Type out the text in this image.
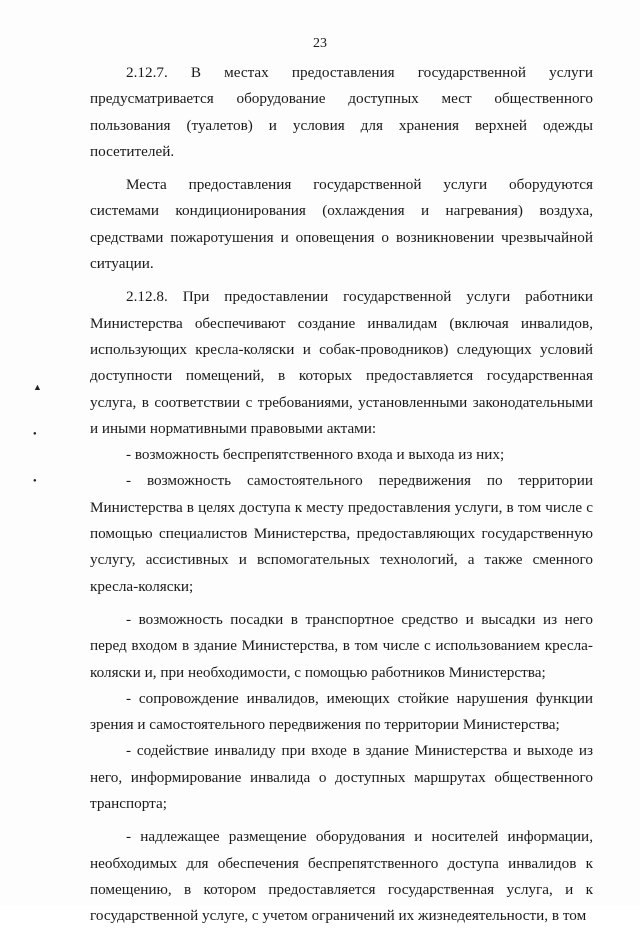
23
▲
●
●

2.12.7. В местах предоставления государственной услуги предусматривается оборудование доступных мест общественного пользования (туалетов) и условия для хранения верхней одежды посетителей.

Места предоставления государственной услуги оборудуются системами кондиционирования (охлаждения и нагревания) воздуха, средствами пожаротушения и оповещения о возникновении чрезвычайной ситуации.

2.12.8. При предоставлении государственной услуги работники Министерства обеспечивают создание инвалидам (включая инвалидов, использующих кресла-коляски и собак-проводников) следующих условий доступности помещений, в которых предоставляется государственная услуга, в соответствии с требованиями, установленными законодательными и иными нормативными правовыми актами:

- возможность беспрепятственного входа и выхода из них;

- возможность самостоятельного передвижения по территории Министерства в целях доступа к месту предоставления услуги, в том числе с помощью специалистов Министерства, предоставляющих государственную услугу, ассистивных и вспомогательных технологий, а также сменного кресла-коляски;

- возможность посадки в транспортное средство и высадки из него перед входом в здание Министерства, в том числе с использованием кресла-коляски и, при необходимости, с помощью работников Министерства;

- сопровождение инвалидов, имеющих стойкие нарушения функции зрения и самостоятельного передвижения по территории Министерства;

- содействие инвалиду при входе в здание Министерства и выходе из него, информирование инвалида о доступных маршрутах общественного транспорта;

- надлежащее размещение оборудования и носителей информации, необходимых для обеспечения беспрепятственного доступа инвалидов к помещению, в котором предоставляется государственная услуга, и к государственной услуге, с учетом ограничений их жизнедеятельности, в том
